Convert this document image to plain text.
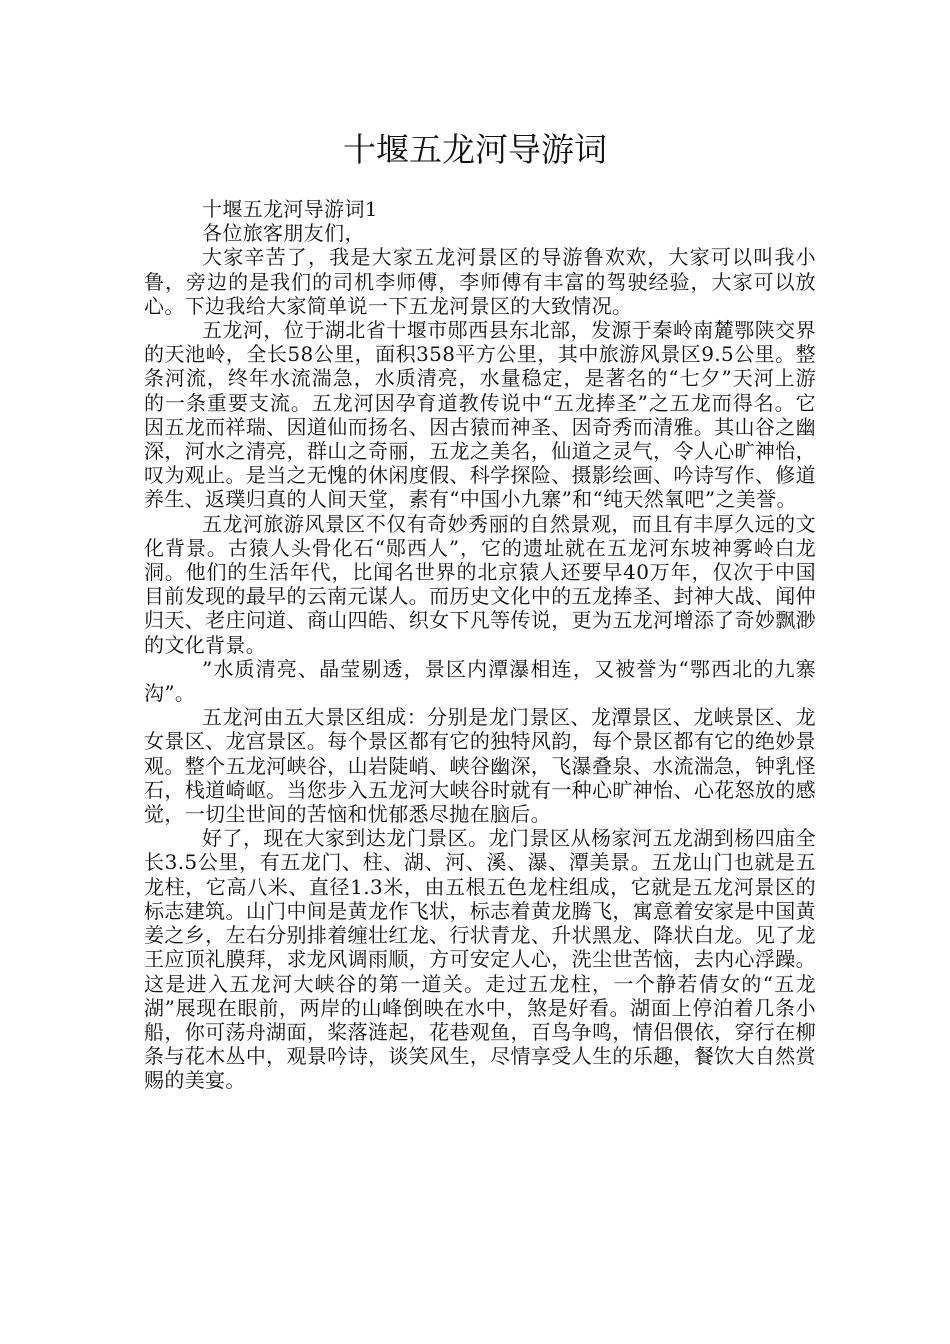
十堰五龙河导游词

十堰五龙河导游词1

各位旅客朋友们，

大家辛苦了，我是大家五龙河景区的导游鲁欢欢，大家可以叫我小鲁，旁边的是我们的司机李师傅，李师傅有丰富的驾驶经验，大家可以放心。下边我给大家简单说一下五龙河景区的大致情况。

五龙河，位于湖北省十堰市郧西县东北部，发源于秦岭南麓鄂陕交界的天池岭，全长58公里，面积358平方公里，其中旅游风景区9.5公里。整条河流，终年水流湍急，水质清亮，水量稳定，是著名的“七夕”天河上游的一条重要支流。五龙河因孕育道教传说中“五龙捧圣”之五龙而得名。它因五龙而祥瑞、因道仙而扬名、因古猿而神圣、因奇秀而清雅。其山谷之幽深，河水之清亮，群山之奇丽，五龙之美名，仙道之灵气，令人心旷神怡，叹为观止。是当之无愧的休闲度假、科学探险、摄影绘画、吟诗写作、修道养生、返璞归真的人间天堂，素有“中国小九寨”和“纯天然氧吧”之美誉。

五龙河旅游风景区不仅有奇妙秀丽的自然景观，而且有丰厚久远的文化背景。古猿人头骨化石“郧西人”，它的遗址就在五龙河东坡神雾岭白龙洞。他们的生活年代，比闻名世界的北京猿人还要早40万年，仅次于中国目前发现的最早的云南元谋人。而历史文化中的五龙捧圣、封神大战、闻仲归天、老庄问道、商山四皓、织女下凡等传说，更为五龙河增添了奇妙飘渺的文化背景。

”水质清亮、晶莹剔透，景区内潭瀑相连，又被誉为“鄂西北的九寨沟”。

五龙河由五大景区组成：分别是龙门景区、龙潭景区、龙峡景区、龙女景区、龙宫景区。每个景区都有它的独特风韵，每个景区都有它的绝妙景观。整个五龙河峡谷，山岩陡峭、峡谷幽深，飞瀑叠泉、水流湍急，钟乳怪石，栈道崎岖。当您步入五龙河大峡谷时就有一种心旷神怡、心花怒放的感觉，一切尘世间的苦恼和忧郁悉尽抛在脑后。

好了，现在大家到达龙门景区。龙门景区从杨家河五龙湖到杨四庙全长3.5公里，有五龙门、柱、湖、河、溪、瀑、潭美景。五龙山门也就是五龙柱，它高八米、直径1.3米，由五根五色龙柱组成，它就是五龙河景区的标志建筑。山门中间是黄龙作飞状，标志着黄龙腾飞，寓意着安家是中国黄姜之乡，左右分别排着缠壮红龙、行状青龙、升状黑龙、降状白龙。见了龙王应顶礼膜拜，求龙风调雨顺，方可安定人心，洗尘世苦恼，去内心浮躁。这是进入五龙河大峡谷的第一道关。走过五龙柱，一个静若倩女的“五龙湖”展现在眼前，两岸的山峰倒映在水中，煞是好看。湖面上停泊着几条小船，你可荡舟湖面，桨落涟起，花巷观鱼，百鸟争鸣，情侣偎依，穿行在柳条与花木丛中，观景吟诗，谈笑风生，尽情享受人生的乐趣，餐饮大自然赏赐的美宴。
